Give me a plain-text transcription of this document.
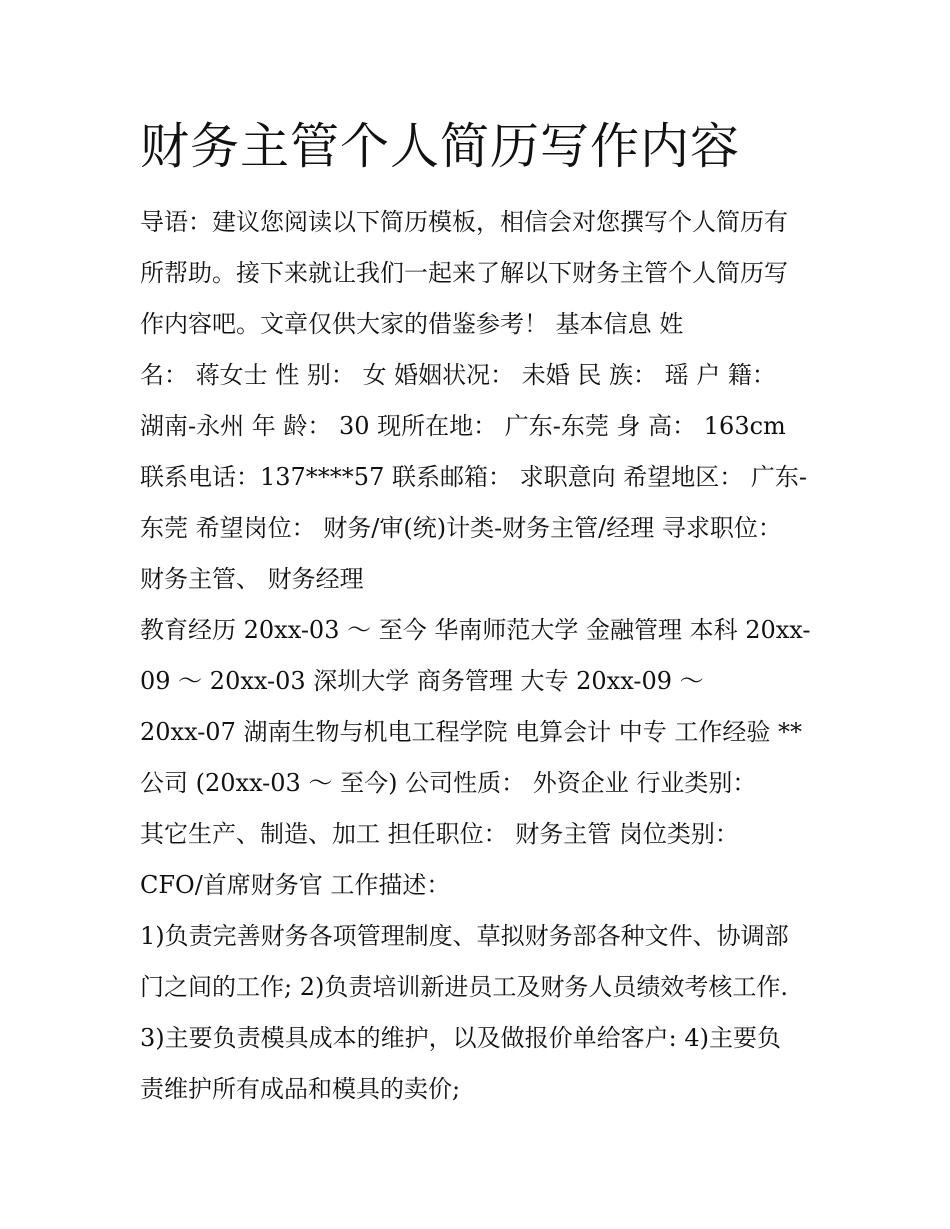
财务主管个人简历写作内容

导语：建议您阅读以下简历模板，相信会对您撰写个人简历有

所帮助。接下来就让我们一起来了解以下财务主管个人简历写

作内容吧。文章仅供大家的借鉴参考！ 基本信息 姓

名： 蒋女士 性 别： 女 婚姻状况： 未婚 民 族： 瑶 户 籍：

湖南-永州 年 龄： 30 现所在地： 广东-东莞 身 高： 163cm

联系电话：137****57 联系邮箱： 求职意向 希望地区： 广东-

东莞 希望岗位： 财务/审(统)计类-财务主管/经理 寻求职位：

财务主管、 财务经理

教育经历 20xx-03 ～ 至今 华南师范大学 金融管理 本科 20xx-

09 ～ 20xx-03 深圳大学 商务管理 大专 20xx-09 ～

20xx-07 湖南生物与机电工程学院 电算会计 中专 工作经验 **

公司 (20xx-03 ～ 至今) 公司性质： 外资企业 行业类别：

其它生产、制造、加工 担任职位： 财务主管 岗位类别：

CFO/首席财务官 工作描述：

1)负责完善财务各项管理制度、草拟财务部各种文件、协调部

门之间的工作; 2)负责培训新进员工及财务人员绩效考核工作.

3)主要负责模具成本的维护，以及做报价单给客户: 4)主要负

责维护所有成品和模具的卖价;
